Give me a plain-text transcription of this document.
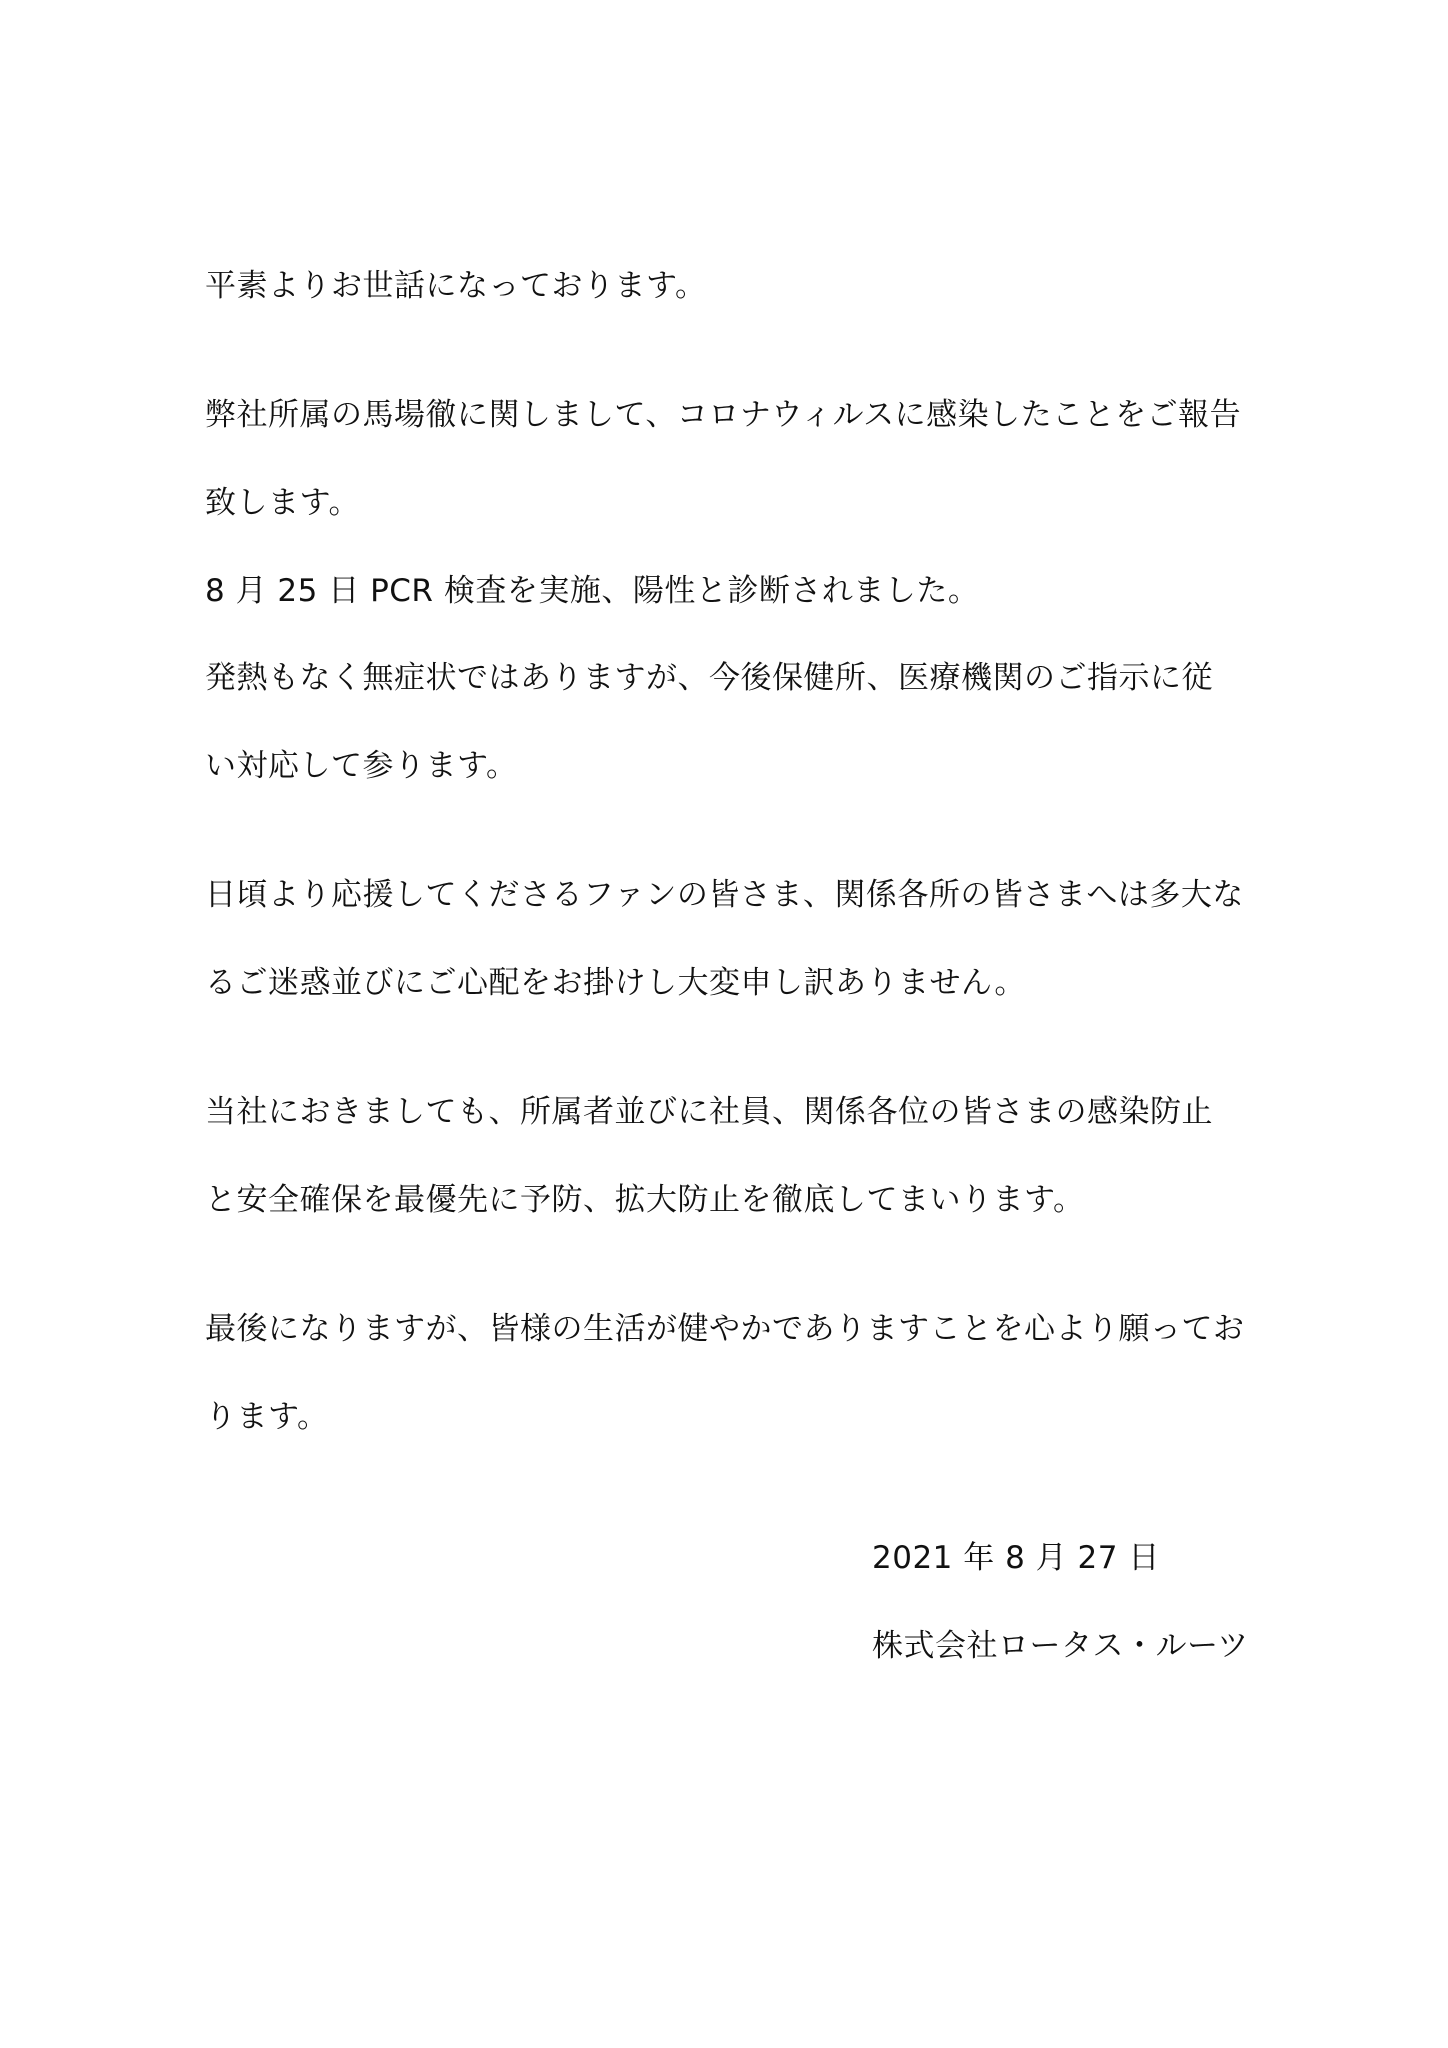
平素よりお世話になっております。
弊社所属の馬場徹に関しまして、コロナウィルスに感染したことをご報告
致します。
8 月 25 日 PCR 検査を実施、陽性と診断されました。
発熱もなく無症状ではありますが、今後保健所、医療機関のご指示に従
い対応して参ります。
日頃より応援してくださるファンの皆さま、関係各所の皆さまへは多大な
るご迷惑並びにご心配をお掛けし大変申し訳ありません。
当社におきましても、所属者並びに社員、関係各位の皆さまの感染防止
と安全確保を最優先に予防、拡大防止を徹底してまいります。
最後になりますが、皆様の生活が健やかでありますことを心より願ってお
ります。
2021 年 8 月 27 日
株式会社ロータス・ルーツ
